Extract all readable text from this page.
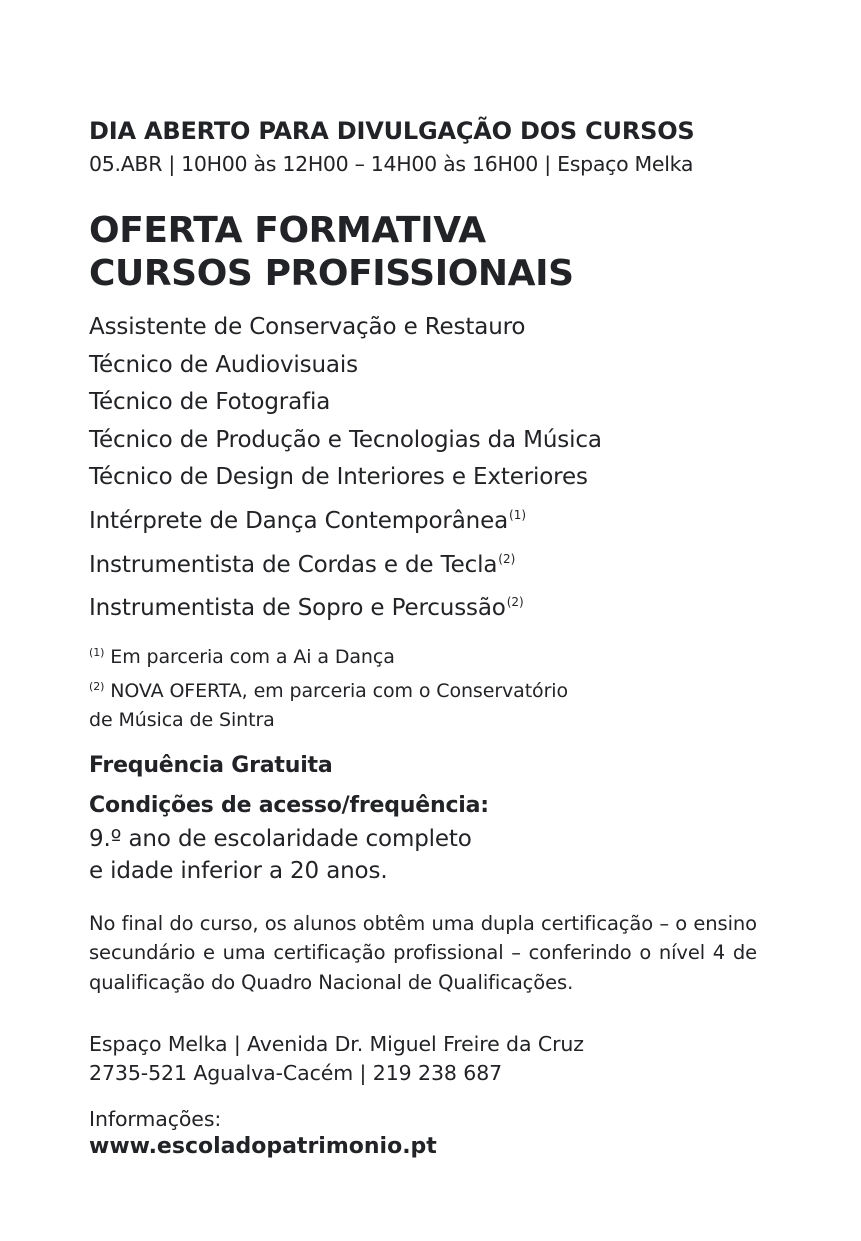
DIA ABERTO PARA DIVULGAÇÃO DOS CURSOS

05.ABR | 10H00 às 12H00 – 14H00 às 16H00 | Espaço Melka

OFERTA FORMATIVA
CURSOS PROFISSIONAIS
Assistente de Conservação e Restauro
Técnico de Audiovisuais
Técnico de Fotografia
Técnico de Produção e Tecnologias da Música
Técnico de Design de Interiores e Exteriores
Intérprete de Dança Contemporânea$^{(1)}$
Instrumentista de Cordas e de Tecla$^{(2)}$
Instrumentista de Sopro e Percussão$^{(2)}$
$^{(1)}$ Em parceria com a Ai a Dança
$^{(2)}$ NOVA OFERTA, em parceria com o Conservatório
de Música de Sintra
Frequência Gratuita
Condições de acesso/frequência:
9.º ano de escolaridade completo
e idade inferior a 20 anos.

No final do curso, os alunos obtêm uma dupla certificação – o ensino secundário e uma certificação profissional – conferindo o nível 4 de qualificação do Quadro Nacional de Qualificações.

Espaço Melka | Avenida Dr. Miguel Freire da Cruz
2735-521 Agualva-Cacém | 219 238 687
Informações:
www.escoladopatrimonio.pt
